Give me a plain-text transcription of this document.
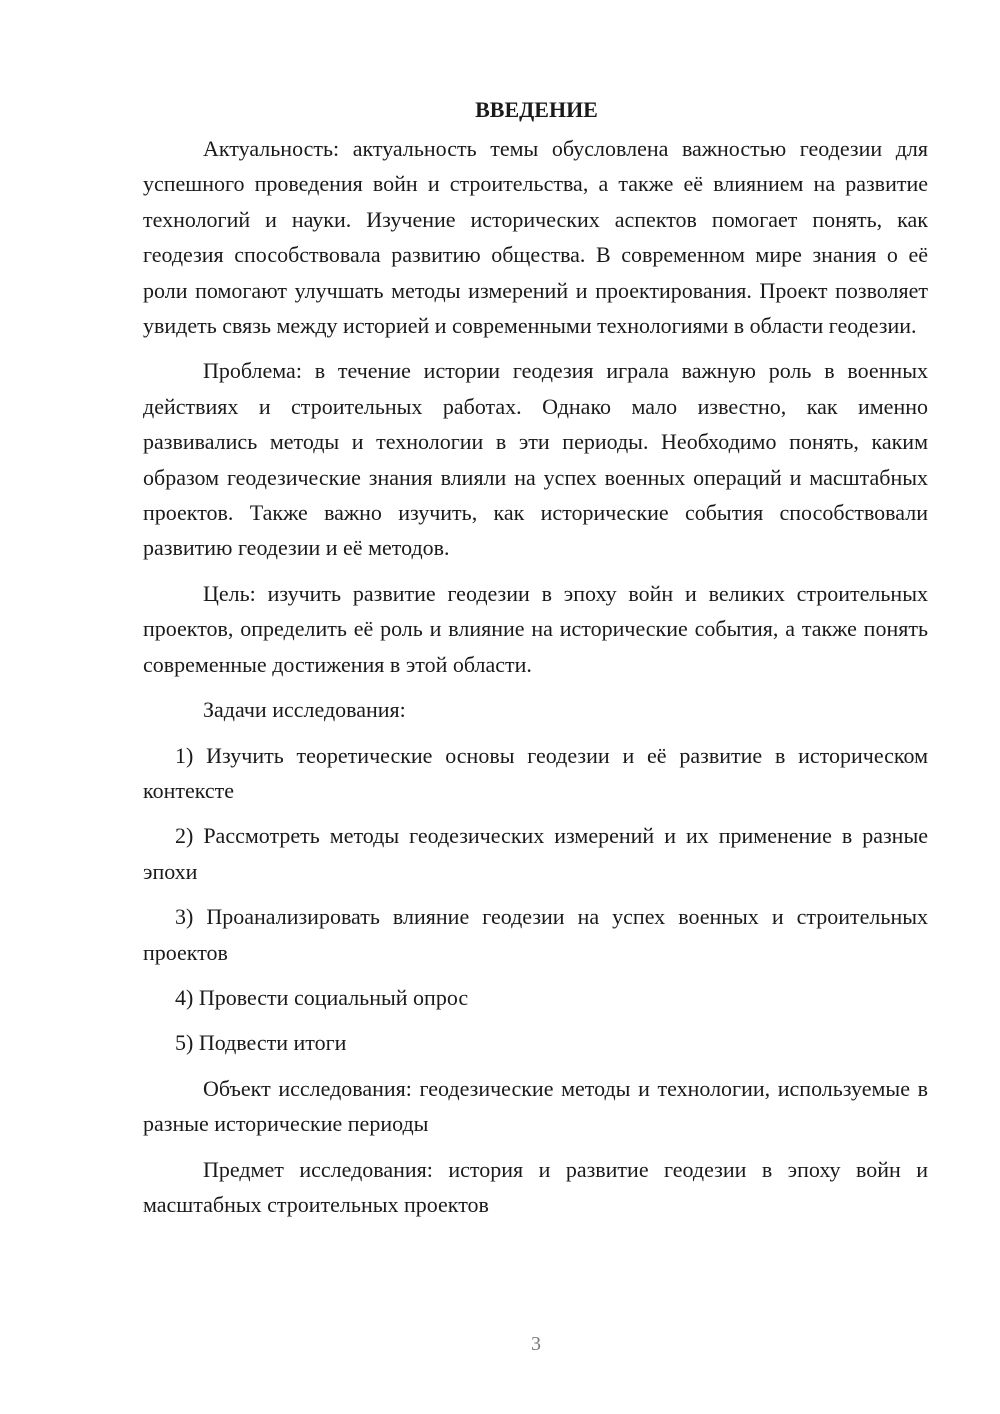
ВВЕДЕНИЕ

Актуальность: актуальность темы обусловлена важностью геодезии для успешного проведения войн и строительства, а также её влиянием на развитие технологий и науки. Изучение исторических аспектов помогает понять, как геодезия способствовала развитию общества. В современном мире знания о её роли помогают улучшать методы измерений и проектирования. Проект позволяет увидеть связь между историей и современными технологиями в области геодезии.

Проблема: в течение истории геодезия играла важную роль в военных действиях и строительных работах. Однако мало известно, как именно развивались методы и технологии в эти периоды. Необходимо понять, каким образом геодезические знания влияли на успех военных операций и масштабных проектов. Также важно изучить, как исторические события способствовали развитию геодезии и её методов.

Цель: изучить развитие геодезии в эпоху войн и великих строительных проектов, определить её роль и влияние на исторические события, а также понять современные достижения в этой области.

Задачи исследования:

1) Изучить теоретические основы геодезии и её развитие в историческом контексте

2) Рассмотреть методы геодезических измерений и их применение в разные эпохи

3) Проанализировать влияние геодезии на успех военных и строительных проектов

4) Провести социальный опрос

5) Подвести итоги

Объект исследования: геодезические методы и технологии, используемые в разные исторические периоды

Предмет исследования: история и развитие геодезии в эпоху войн и масштабных строительных проектов

3
